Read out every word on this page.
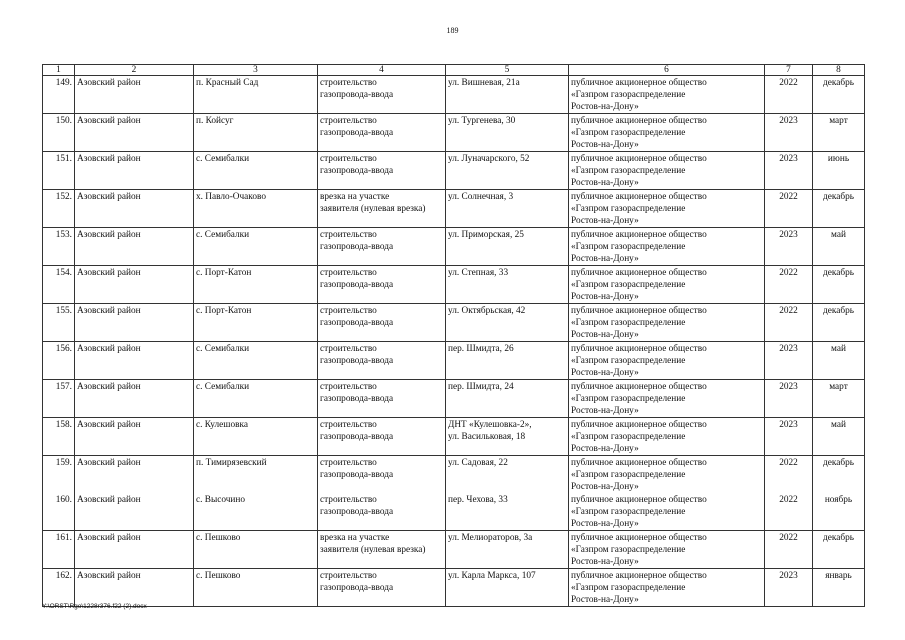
189
1	2	3	4	5	6	7	8

149.	Азовский район	п. Красный Сад	строительство
газопровода-ввода	ул. Вишневая, 21а	публичное акционерное общество
«Газпром газораспределение
Ростов-на-Дону»	2022	декабрь

150.	Азовский район	п. Койсуг	строительство
газопровода-ввода	ул. Тургенева, 30	публичное акционерное общество
«Газпром газораспределение
Ростов-на-Дону»	2023	март

151.	Азовский район	с. Семибалки	строительство
газопровода-ввода	ул. Луначарского, 52	публичное акционерное общество
«Газпром газораспределение
Ростов-на-Дону»	2023	июнь

152.	Азовский район	х. Павло-Очаково	врезка на участке
заявителя (нулевая врезка)	ул. Солнечная, 3	публичное акционерное общество
«Газпром газораспределение
Ростов-на-Дону»	2022	декабрь

153.	Азовский район	с. Семибалки	строительство
газопровода-ввода	ул. Приморская, 25	публичное акционерное общество
«Газпром газораспределение
Ростов-на-Дону»	2023	май

154.	Азовский район	с. Порт-Катон	строительство
газопровода-ввода	ул. Степная, 33	публичное акционерное общество
«Газпром газораспределение
Ростов-на-Дону»	2022	декабрь

155.	Азовский район	с. Порт-Катон	строительство
газопровода-ввода	ул. Октябрьская, 42	публичное акционерное общество
«Газпром газораспределение
Ростов-на-Дону»	2022	декабрь

156.	Азовский район	с. Семибалки	строительство
газопровода-ввода	пер. Шмидта, 26	публичное акционерное общество
«Газпром газораспределение
Ростов-на-Дону»	2023	май

157.	Азовский район	с. Семибалки	строительство
газопровода-ввода	пер. Шмидта, 24	публичное акционерное общество
«Газпром газораспределение
Ростов-на-Дону»	2023	март

158.	Азовский район	с. Кулешовка	строительство
газопровода-ввода	ДНТ «Кулешовка-2»,
ул. Васильковая, 18	публичное акционерное общество
«Газпром газораспределение
Ростов-на-Дону»	2023	май

159.	Азовский район	п. Тимирязевский	строительство
газопровода-ввода	ул. Садовая, 22	публичное акционерное общество
«Газпром газораспределение
Ростов-на-Дону»	2022	декабрь

160.	Азовский район	с. Высочино	строительство
газопровода-ввода	пер. Чехова, 33	публичное акционерное общество
«Газпром газораспределение
Ростов-на-Дону»	2022	ноябрь

161.	Азовский район	с. Пешково	врезка на участке
заявителя (нулевая врезка)	ул. Мелиораторов, 3а	публичное акционерное общество
«Газпром газораспределение
Ростов-на-Дону»	2022	декабрь

162.	Азовский район	с. Пешково	строительство
газопровода-ввода	ул. Карла Маркса, 107	публичное акционерное общество
«Газпром газораспределение
Ростов-на-Дону»	2023	январь
Y:\ORST\Rgo\1228r376.f22 (2).docx
